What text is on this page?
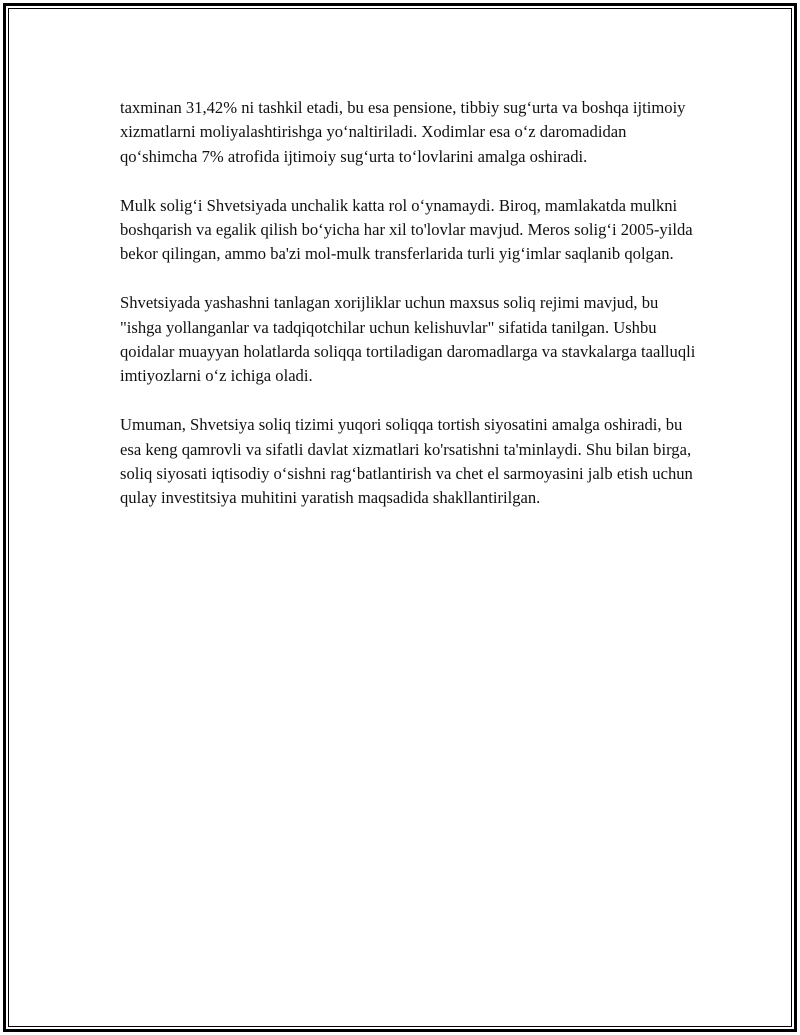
taxminan 31,42% ni tashkil etadi, bu esa pensione, tibbiy sug‘urta va boshqa ijtimoiy xizmatlarni moliyalashtirishga yo‘naltiriladi. Xodimlar esa o‘z daromadidan qo‘shimcha 7% atrofida ijtimoiy sug‘urta to‘lovlarini amalga oshiradi.

Mulk solig‘i Shvetsiyada unchalik katta rol o‘ynamaydi. Biroq, mamlakatda mulkni boshqarish va egalik qilish bo‘yicha har xil to'lovlar mavjud. Meros solig‘i 2005-yilda bekor qilingan, ammo ba'zi mol-mulk transferlarida turli yig‘imlar saqlanib qolgan.

Shvetsiyada yashashni tanlagan xorijliklar uchun maxsus soliq rejimi mavjud, bu "ishga yollanganlar va tadqiqotchilar uchun kelishuvlar" sifatida tanilgan. Ushbu qoidalar muayyan holatlarda soliqqa tortiladigan daromadlarga va stavkalarga taalluqli imtiyozlarni o‘z ichiga oladi.

Umuman, Shvetsiya soliq tizimi yuqori soliqqa tortish siyosatini amalga oshiradi, bu esa keng qamrovli va sifatli davlat xizmatlari ko'rsatishni ta'minlaydi. Shu bilan birga, soliq siyosati iqtisodiy o‘sishni rag‘batlantirish va chet el sarmoyasini jalb etish uchun qulay investitsiya muhitini yaratish maqsadida shakllantirilgan.
